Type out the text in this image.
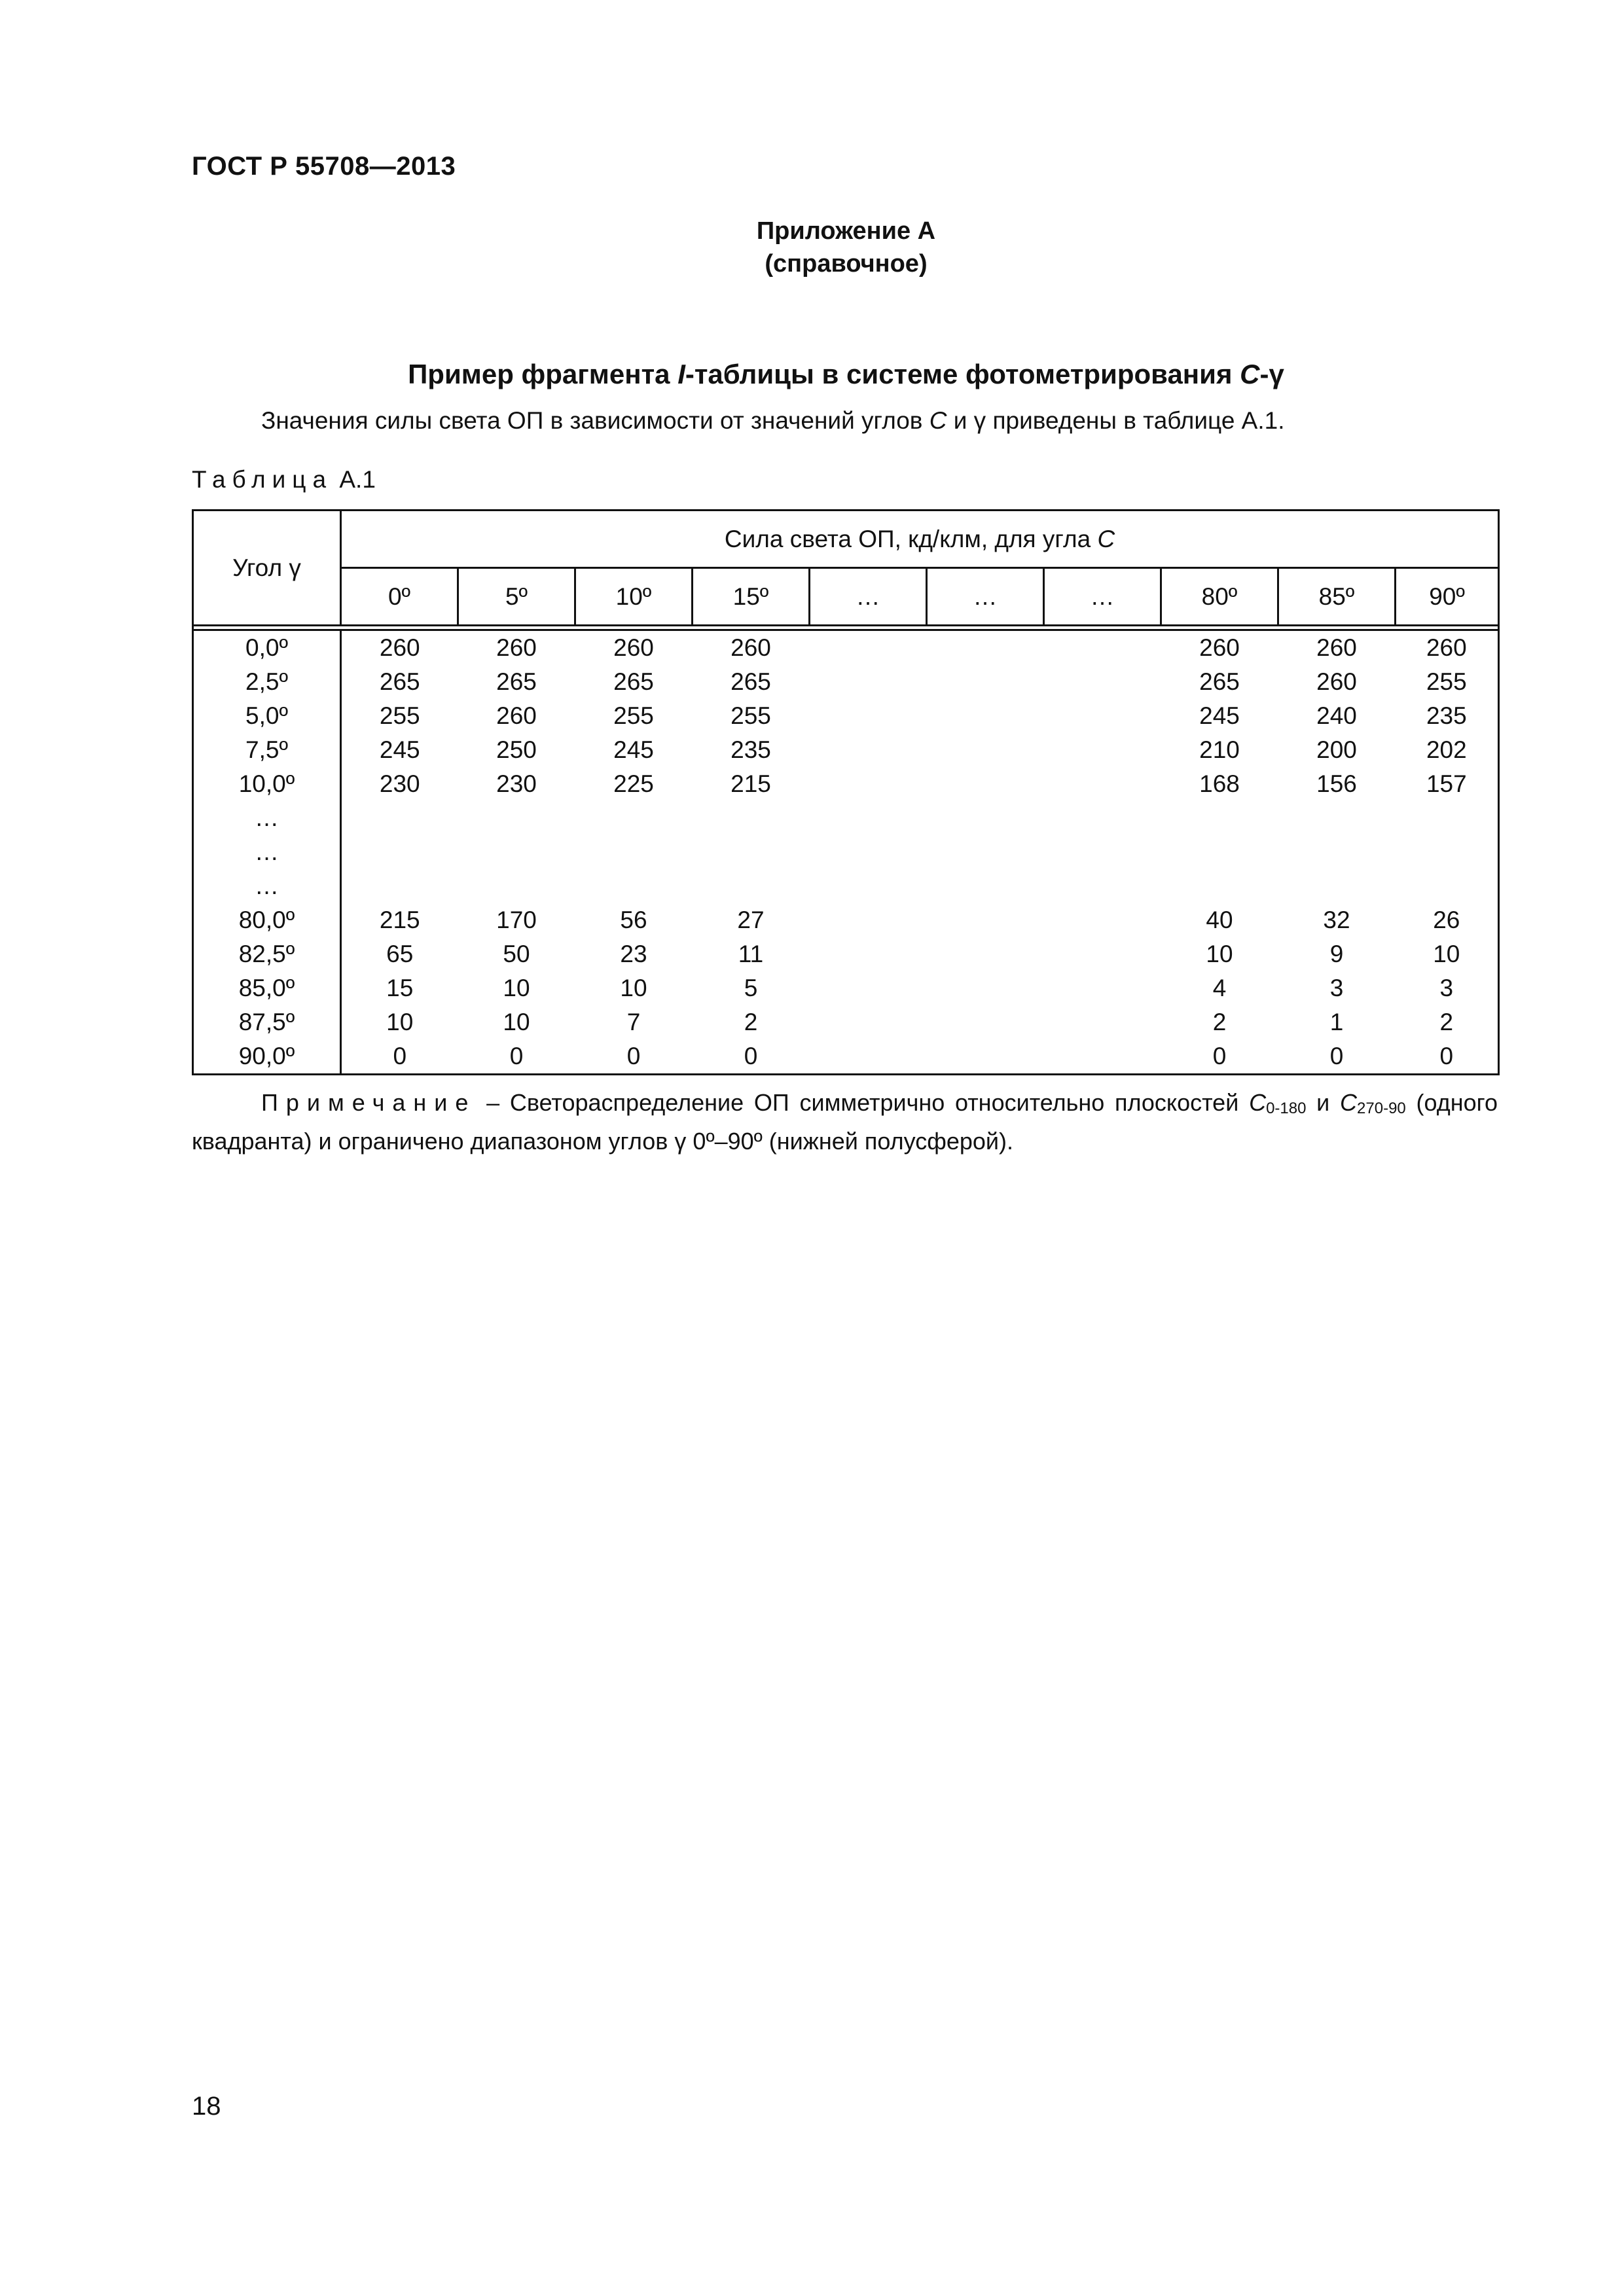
ГОСТ Р 55708—2013
Приложение А
(справочное)
Пример фрагмента I-таблицы в системе фотометрирования С-γ
Значения силы света ОП в зависимости от значений углов С и γ приведены в таблице А.1.
Таблица А.1
Угол γ	Сила света ОП, кд/клм, для угла С									
	0º	5º	10º	15º	…	…	…	80º	85º	90º

0,0º	260	260	260	260				260	260	260
2,5º	265	265	265	265				265	260	255
5,0º	255	260	255	255				245	240	235
7,5º	245	250	245	235				210	200	202
10,0º	230	230	225	215				168	156	157
…										
…										
…										
80,0º	215	170	56	27				40	32	26
82,5º	65	50	23	11				10	9	10
85,0º	15	10	10	5				4	3	3
87,5º	10	10	7	2				2	1	2
90,0º	0	0	0	0				0	0	0
Примечание – Светораспределение ОП симметрично относительно плоскостей $С_{0-180}$ и $С_{270-90}$ (одного квадранта) и ограничено диапазоном углов γ 0º–90º (нижней полусферой).
18
